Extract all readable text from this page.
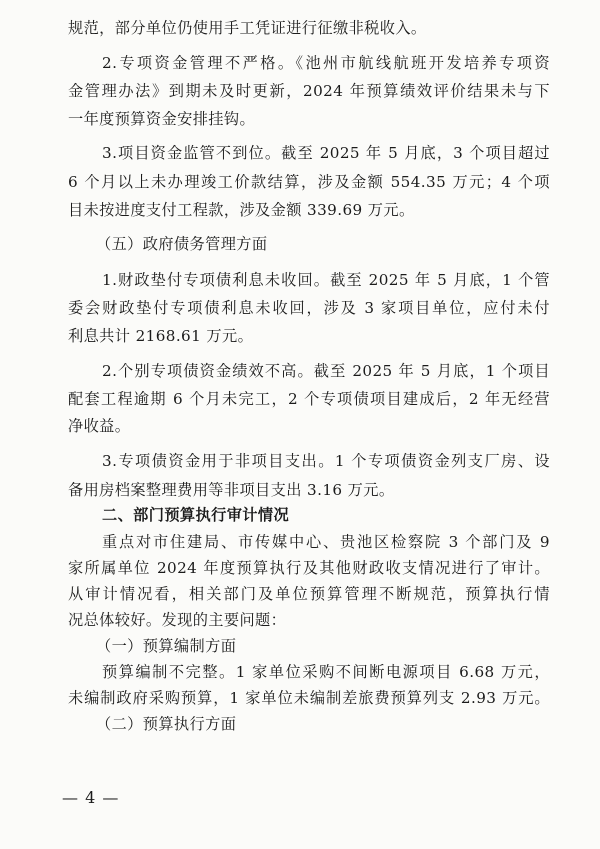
规范，部分单位仍使用手工凭证进行征缴非税收入。
2.专项资金管理不严格。《池州市航线航班开发培养专项资
金管理办法》到期未及时更新，2024 年预算绩效评价结果未与下
一年度预算资金安排挂钩。
3.项目资金监管不到位。截至 2025 年 5 月底，3 个项目超过
6 个月以上未办理竣工价款结算，涉及金额 554.35 万元；4 个项
目未按进度支付工程款，涉及金额 339.69 万元。
（五）政府债务管理方面
1.财政垫付专项债利息未收回。截至 2025 年 5 月底，1 个管
委会财政垫付专项债利息未收回，涉及 3 家项目单位，应付未付
利息共计 2168.61 万元。
2.个别专项债资金绩效不高。截至 2025 年 5 月底，1 个项目
配套工程逾期 6 个月未完工，2 个专项债项目建成后，2 年无经营
净收益。
3.专项债资金用于非项目支出。1 个专项债资金列支厂房、设
备用房档案整理费用等非项目支出 3.16 万元。
二、部门预算执行审计情况
重点对市住建局、市传媒中心、贵池区检察院 3 个部门及 9
家所属单位 2024 年度预算执行及其他财政收支情况进行了审计。
从审计情况看，相关部门及单位预算管理不断规范，预算执行情
况总体较好。发现的主要问题：
预算编制不完整。1 家单位采购不间断电源项目 6.68 万元，
未编制政府采购预算，1 家单位未编制差旅费预算列支 2.93 万元。
（二）预算执行方面
（一）预算编制方面
— 4 —
